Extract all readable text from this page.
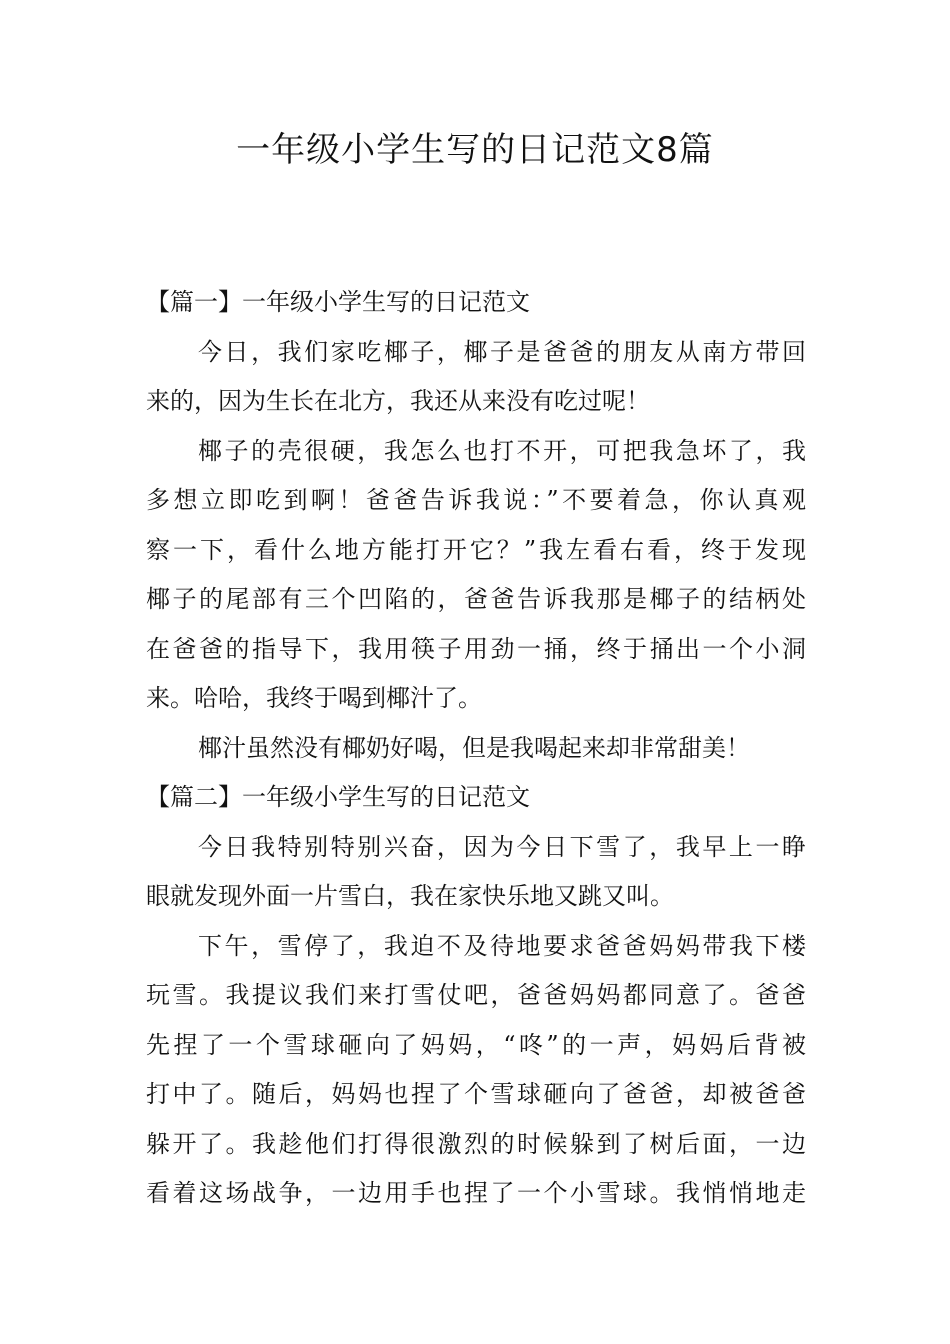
一年级小学生写的日记范文8篇
【篇一】一年级小学生写的日记范文
今日，我们家吃椰子，椰子是爸爸的朋友从南方带回
来的，因为生长在北方，我还从来没有吃过呢！
椰子的壳很硬，我怎么也打不开，可把我急坏了，我
多想立即吃到啊！爸爸告诉我说：”不要着急，你认真观
察一下，看什么地方能打开它？”我左看右看，终于发现
椰子的尾部有三个凹陷的，爸爸告诉我那是椰子的结柄处
在爸爸的指导下，我用筷子用劲一捅，终于捅出一个小洞
来。哈哈，我终于喝到椰汁了。
椰汁虽然没有椰奶好喝，但是我喝起来却非常甜美！
【篇二】一年级小学生写的日记范文
今日我特别特别兴奋，因为今日下雪了，我早上一睁
眼就发现外面一片雪白，我在家快乐地又跳又叫。
下午，雪停了，我迫不及待地要求爸爸妈妈带我下楼
玩雪。我提议我们来打雪仗吧，爸爸妈妈都同意了。爸爸
先捏了一个雪球砸向了妈妈，“咚”的一声，妈妈后背被
打中了。随后，妈妈也捏了个雪球砸向了爸爸，却被爸爸
躲开了。我趁他们打得很激烈的时候躲到了树后面，一边
看着这场战争，一边用手也捏了一个小雪球。我悄悄地走
